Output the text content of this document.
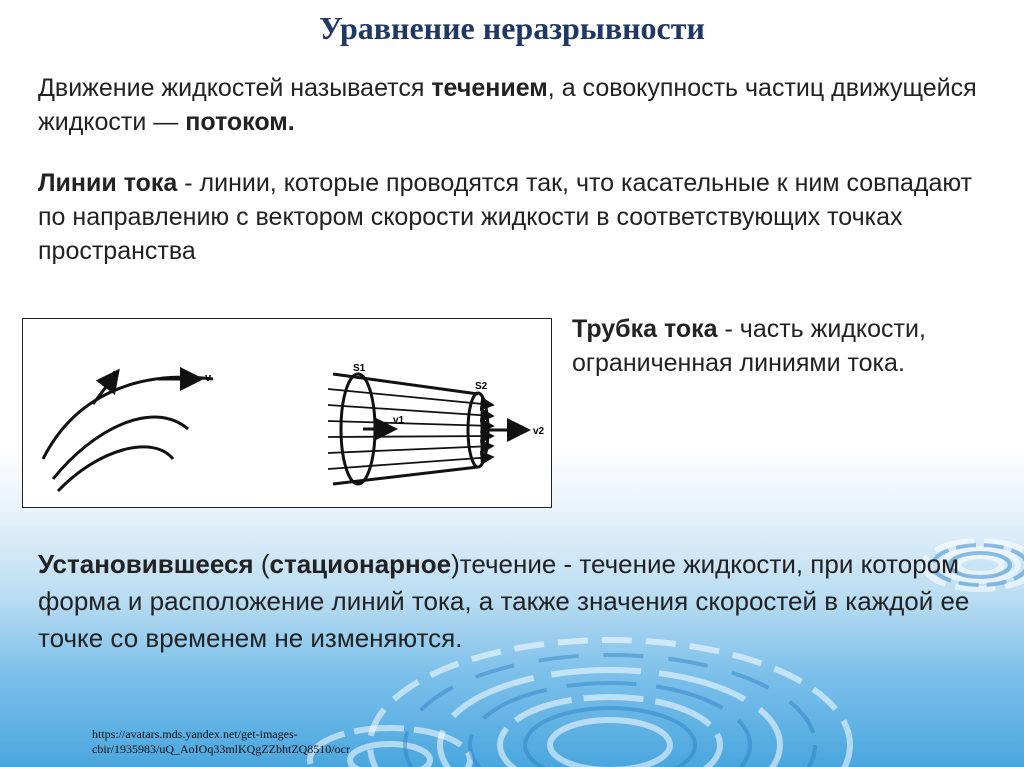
Уравнение неразрывности
Движение жидкостей называется течением, а совокупность частиц движущейся жидкости — потоком.
Линии тока - линии, которые проводятся так, что касательные к ним совпадают по направлению с вектором скорости жидкости в соответствующих точках пространства
Трубка тока - часть жидкости,
ограниченная линиями тока.
v	v
S1
S2
v1
v2
Установившееся (стационарное)течение - течение жидкости, при котором форма и расположение линий тока, а также значения скоростей в каждой ее точке со временем не изменяются.
https://avatars.mds.yandex.net/get-images-cbir/1935983/uQ_AoIOq33mlKQgZZbhtZQ8510/ocr
